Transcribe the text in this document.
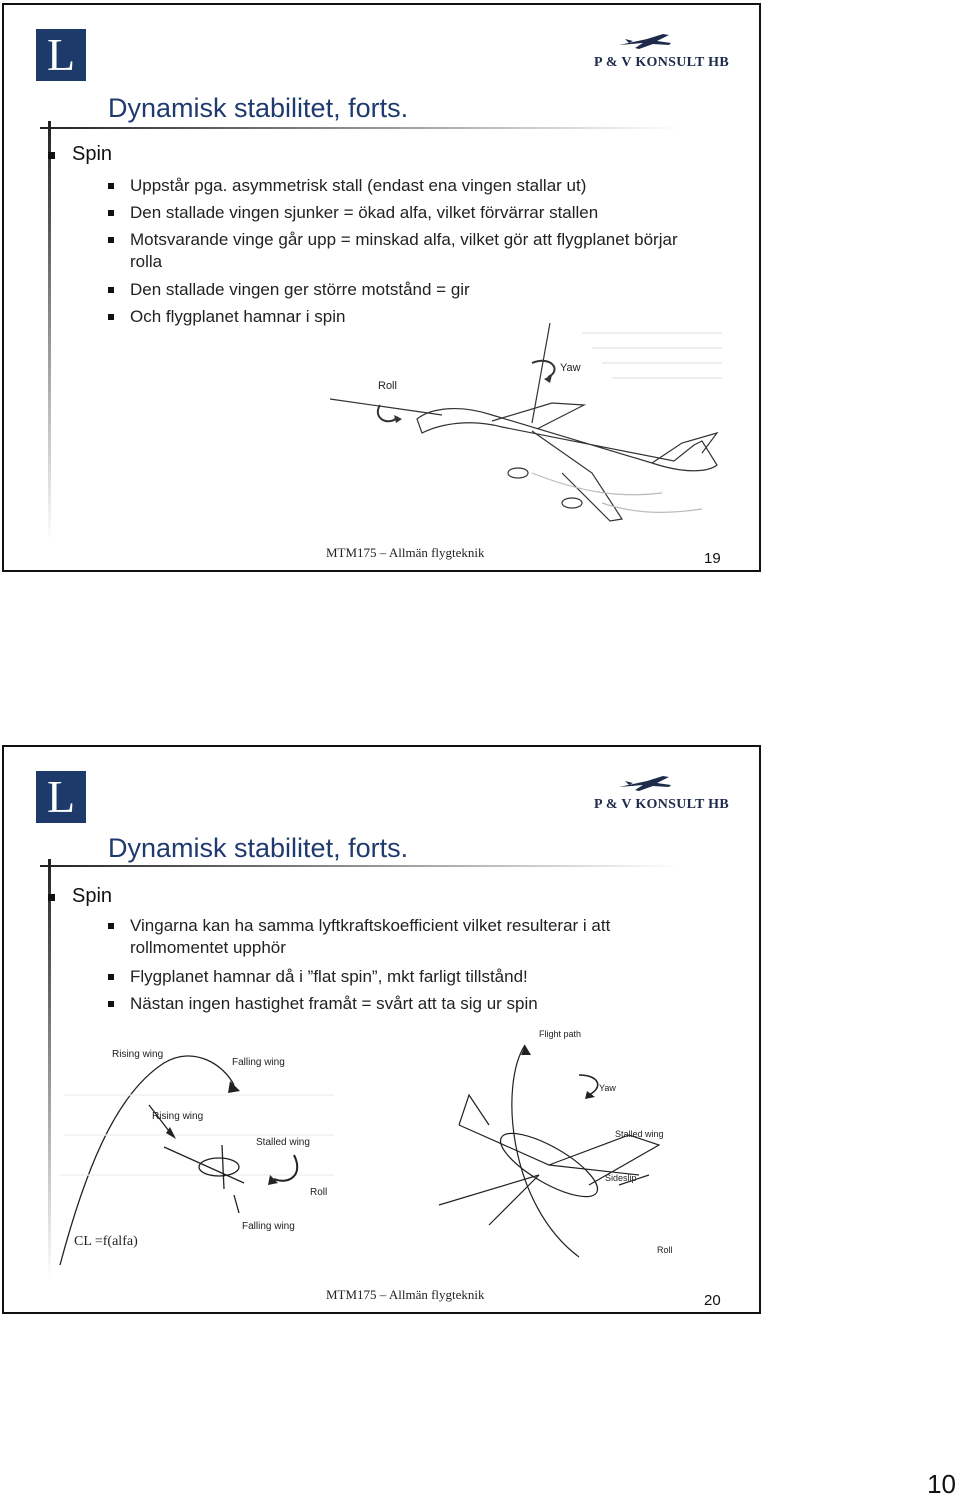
L	P & V KONSULT HB
Dynamisk stabilitet, forts.
Spin
Uppstår pga. asymmetrisk stall (endast ena vingen stallar ut)
Den stallade vingen sjunker = ökad alfa, vilket förvärrar stallen
Motsvarande vinge går upp = minskad alfa, vilket gör att flygplanet börjar rolla
Den stallade vingen ger större motstånd = gir
Och flygplanet hamnar i spin
Roll
Yaw
MTM175 – Allmän flygteknik	19
L	P & V KONSULT HB
Dynamisk stabilitet, forts.
Spin
Vingarna kan ha samma lyftkraftskoefficient vilket resulterar i att rollmomentet upphör
Flygplanet hamnar då i ”flat spin”, mkt farligt tillstånd!
Nästan ingen hastighet framåt = svårt att ta sig ur spin
Rising wing
Falling wing
Rising wing
Stalled wing
Roll
Falling wing
CL =f(alfa)
Flight path
Yaw
Stalled wing
Sideslip
Roll
MTM175 – Allmän flygteknik	20
10
